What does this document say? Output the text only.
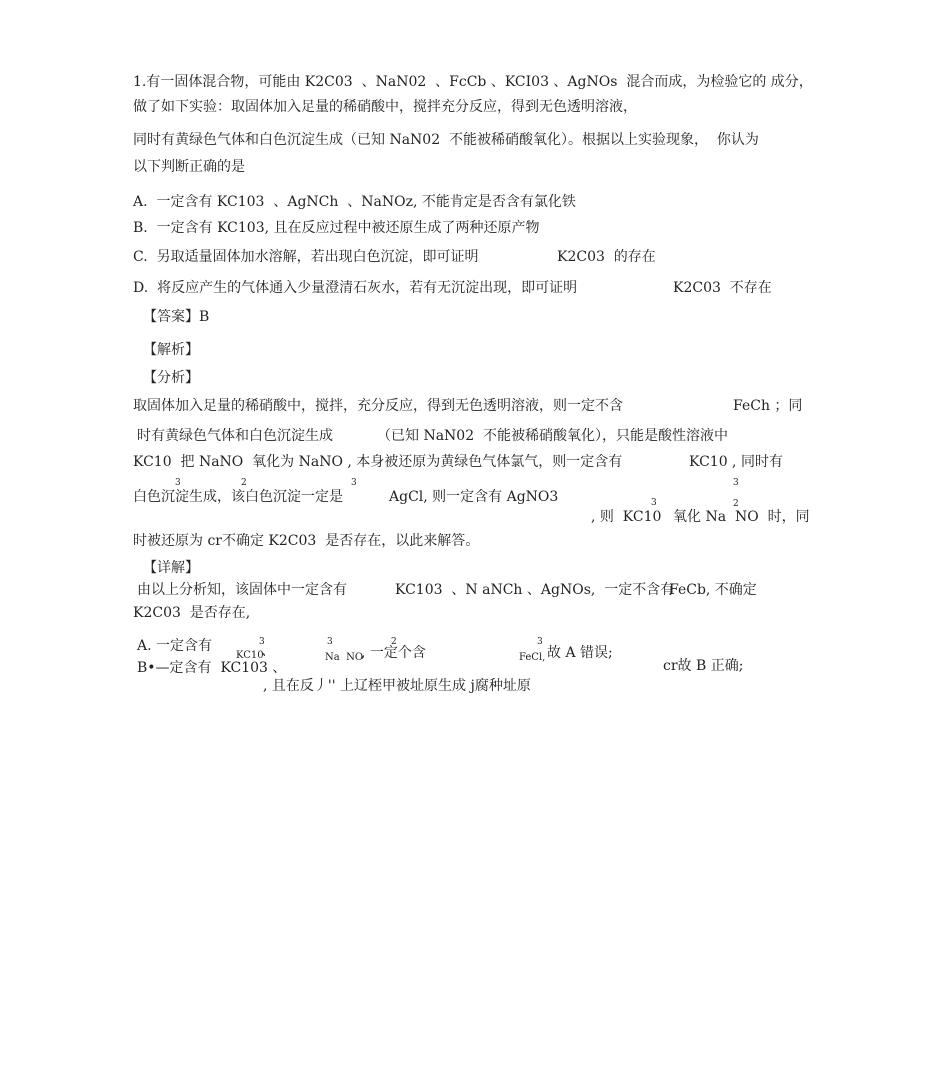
1.有一固体混合物，可能由 K2C03  、NaN02  、FcCb 、KCI03 、AgNOs  混合而成，为检验它的 成分，
做了如下实验：取固体加入足量的稀硝酸中，搅拌充分反应，得到无色透明溶液，
同时有黄绿色气体和白色沉淀生成（已知 NaN02  不能被稀硝酸氧化）。根据以上实验现象，  你认为
以下判断正确的是
A.  一定含有 KC103  、AgNCh  、NaNOz, 不能肯定是否含有氯化铁
B.  一定含有 KC103, 且在反应过程中被还原生成了两种还原产物
C.  另取适量固体加水溶解，若出现白色沉淀，即可证明	K2C03  的存在
D.  将反应产生的气体通入少量澄清石灰水，若有无沉淀出现，即可证明	K2C03  不存在
【答案】B
【解析】
【分析】
取固体加入足量的稀硝酸中，搅拌，充分反应，得到无色透明溶液，则一定不含	FeCh ；同
时有黄绿色气体和白色沉淀生成	（已知 NaN02  不能被稀硝酸氧化），只能是酸性溶液中
KC10  把 NaNO  氧化为 NaNO , 本身被还原为黄绿色气体氯气，则一定含有	KC10 , 同时有
3	2	3	3
白色沉淀生成，该白色沉淀一定是	AgCl, 则一定含有 AgNO3	3	2
, 则  KC10 氧化 Na  NO  时，同
时被还原为 cr不确定 K2C03  是否存在，以此来解答。
【详解】
由以上分析知，该固体中一定含有	KC103  、N aNCh 、AgNOs,  一定不含有
FeCb, 不确定
K2C03  是否存在,
A. 一定含有	3	3	2	3
KC10
、	Na  NO
, 一定个含	FeCl, 故 A 错误;
B•—定含有  KC103 、	cr故 B 正确;
, 且在反丿'' 上辽桎甲被址原生成 j腐种址原
